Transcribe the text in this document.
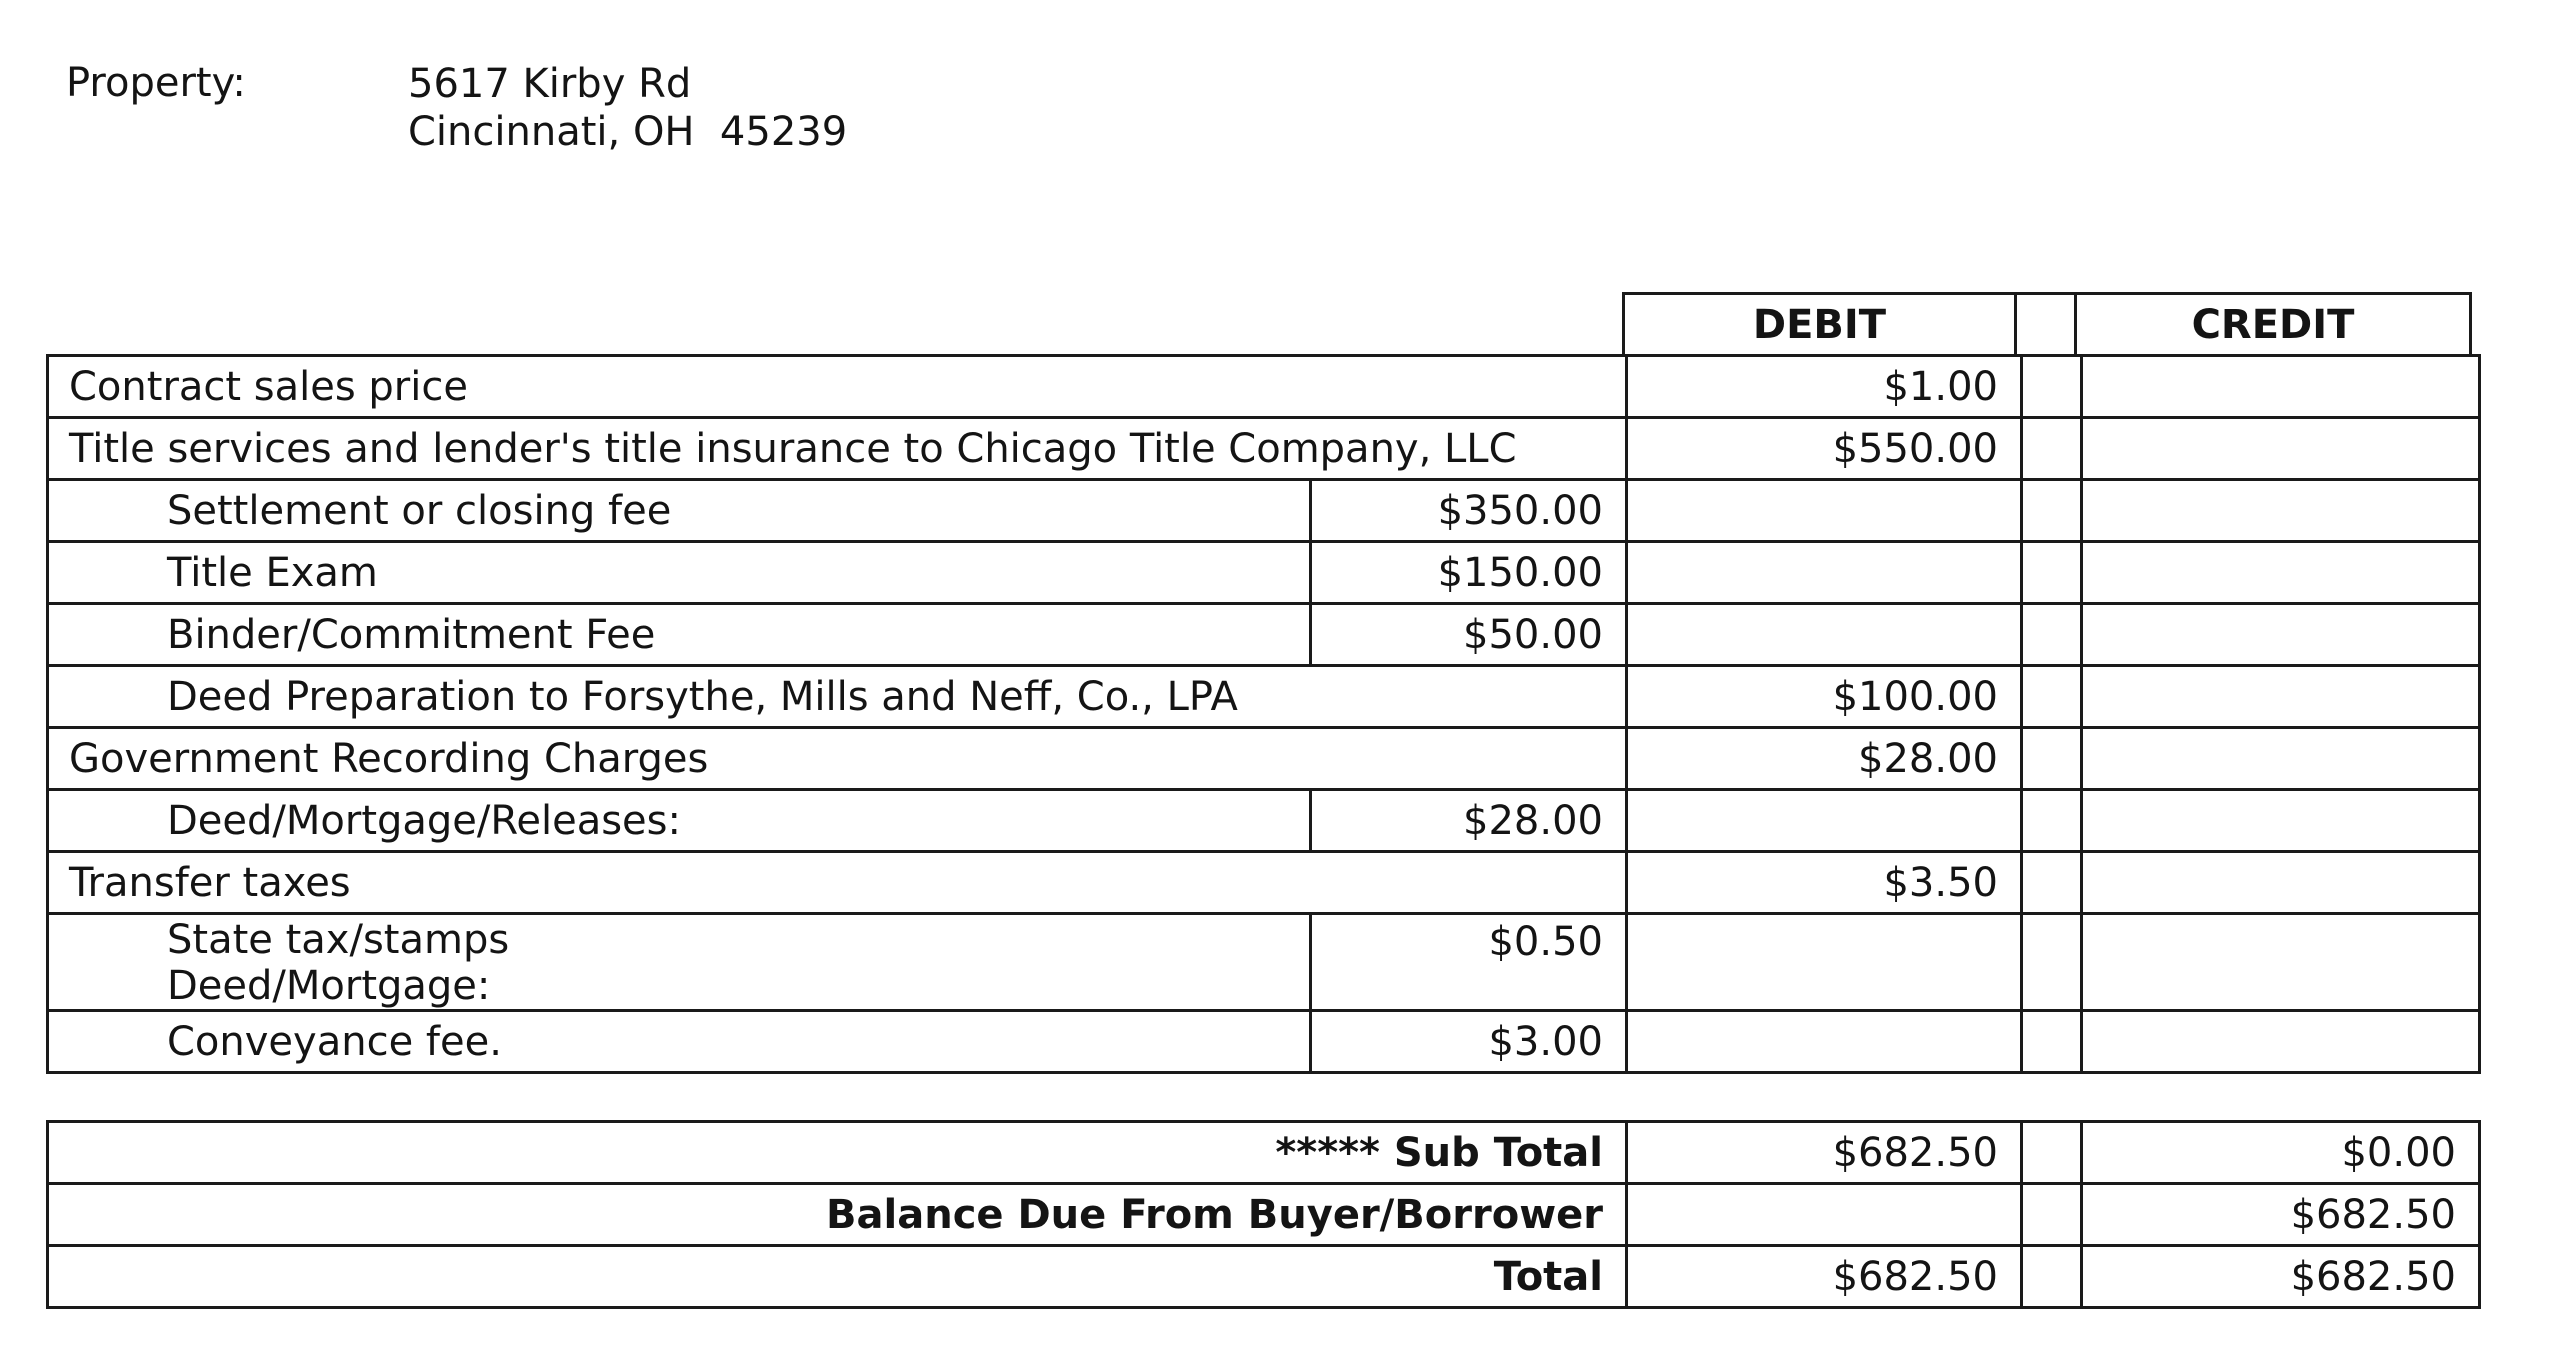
Property:	5617 Kirby Rd
Cincinnati, OH  45239
DEBIT	CREDIT
Contract sales price		$1.00		
Title services and lender's title insurance to Chicago Title Company, LLC		$550.00		
Settlement or closing fee	$350.00			
Title Exam	$150.00			
Binder/Commitment Fee	$50.00			
Deed Preparation to Forsythe, Mills and Neff, Co., LPA		$100.00		
Government Recording Charges		$28.00		
Deed/Mortgage/Releases:	$28.00			
Transfer taxes		$3.50		

State tax/stamps
Deed/Mortgage:	$0.50			
Conveyance fee.	$3.00			
***** Sub Total	$682.50		$0.00
Balance Due From Buyer/Borrower			$682.50
Total	$682.50		$682.50
